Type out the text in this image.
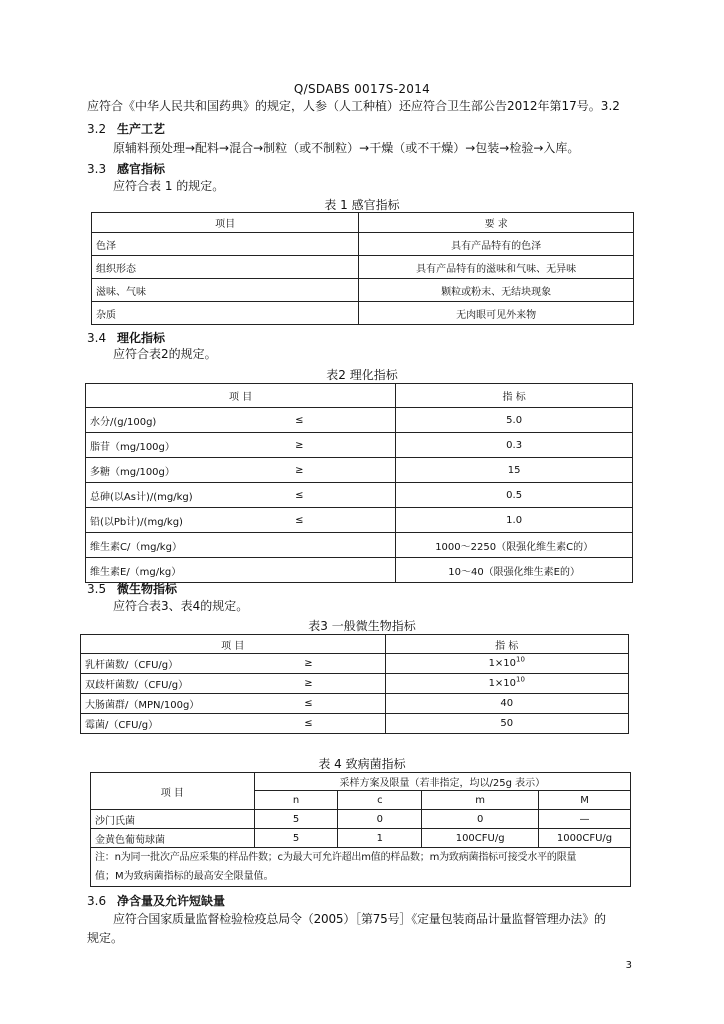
Q/SDABS 0017S-2014
应符合《中华人民共和国药典》的规定，人参（人工种植）还应符合卫生部公告2012年第17号。3.2
3.2 生产工艺
原辅料预处理→配料→混合→制粒（或不制粒）→干燥（或不干燥）→包装→检验→入库。
3.3 感官指标
应符合表 1 的规定。
表 1 感官指标
项目	要 求
色泽	具有产品特有的色泽
组织形态	具有产品特有的滋味和气味、无异味
滋味、气味	颗粒或粉末、无结块现象
杂质	无肉眼可见外来物
3.4 理化指标
应符合表2的规定。
表2 理化指标
项 目		指 标
水分/(g/100g)	≤	5.0
脂苷（mg/100g）	≥	0.3
多糖（mg/100g）	≥	15
总砷(以As计)/(mg/kg)	≤	0.5
铅(以Pb计)/(mg/kg)	≤	1.0
维生素C/（mg/kg）		1000～2250（限强化维生素C的）
维生素E/（mg/kg）		10～40（限强化维生素E的）
3.5 微生物指标
应符合表3、表4的规定。
表3 一般微生物指标
项 目		指 标
乳杆菌数/（CFU/g）	≥	$1\times 10^{10}$
双歧杆菌数/（CFU/g）	≥	$1\times 10^{10}$
大肠菌群/（MPN/100g）	≤	40
霉菌/（CFU/g）	≤	50
表 4 致病菌指标
项 目	采样方案及限量（若非指定，均以/25g 表示）			
	n	c	m	M
沙门氏菌	5	0	0	—
金黄色葡萄球菌	5	1	100CFU/g	1000CFU/g

注：n为同一批次产品应采集的样品件数；c为最大可允许超出m值的样品数；m为致病菌指标可接受水平的限量
值；M为致病菌指标的最高安全限量值。				
3.6 净含量及允许短缺量
应符合国家质量监督检验检疫总局令（2005）［第75号］《定量包装商品计量监督管理办法》的
规定。
3
